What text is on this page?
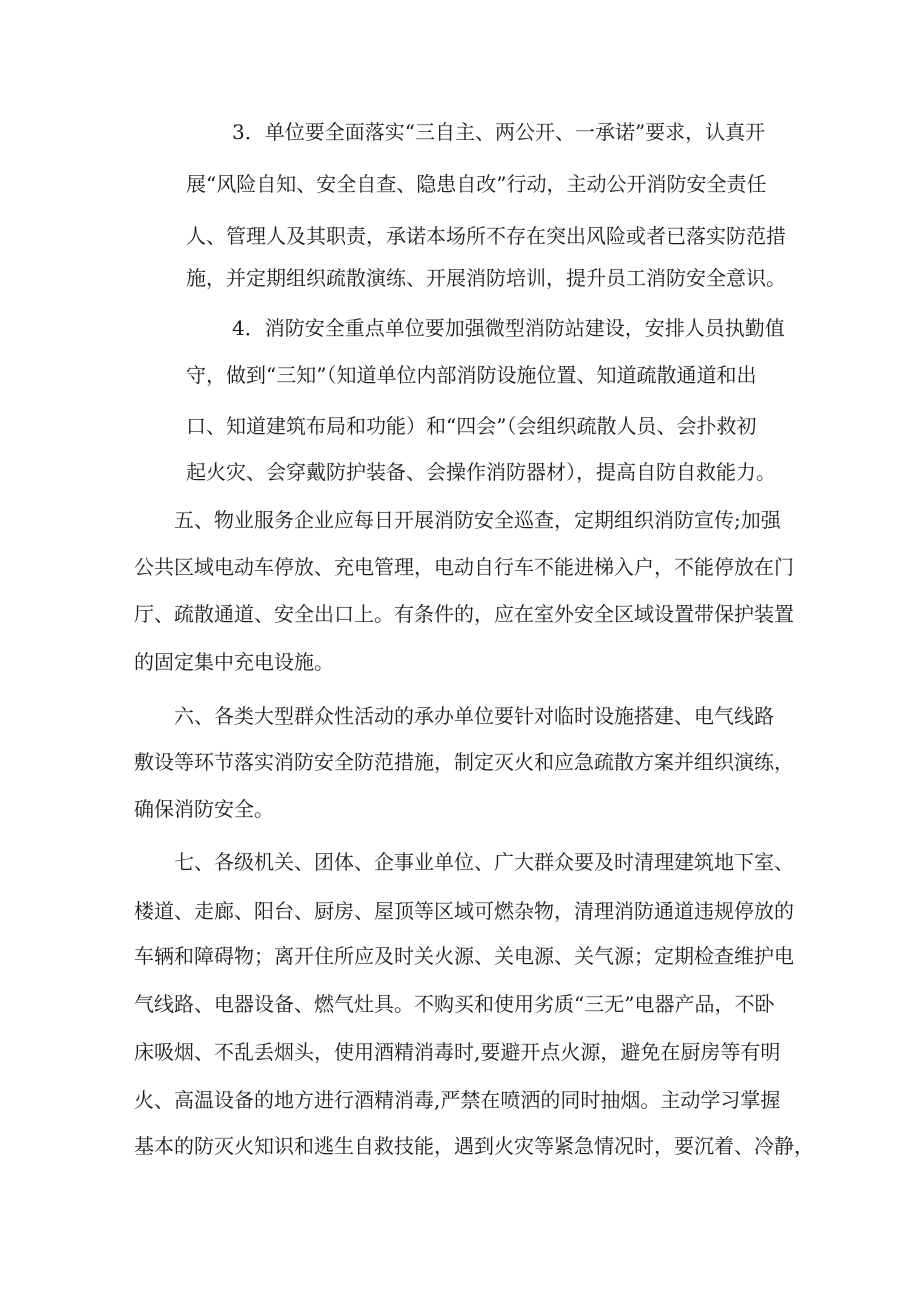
3．单位要全面落实“三自主、两公开、一承诺”要求，认真开
展“风险自知、安全自查、隐患自改”行动，主动公开消防安全责任
人、管理人及其职责，承诺本场所不存在突出风险或者已落实防范措
施，并定期组织疏散演练、开展消防培训，提升员工消防安全意识。
4．消防安全重点单位要加强微型消防站建设，安排人员执勤值
守，做到“三知”（知道单位内部消防设施位置、知道疏散通道和出
口、知道建筑布局和功能）和“四会”（会组织疏散人员、会扑救初
起火灾、会穿戴防护装备、会操作消防器材），提高自防自救能力。
五、物业服务企业应每日开展消防安全巡查，定期组织消防宣传;加强
公共区域电动车停放、充电管理，电动自行车不能进梯入户，不能停放在门
厅、疏散通道、安全出口上。有条件的，应在室外安全区域设置带保护装置
的固定集中充电设施。
六、各类大型群众性活动的承办单位要针对临时设施搭建、电气线路
敷设等环节落实消防安全防范措施，制定灭火和应急疏散方案并组织演练，
确保消防安全。
七、各级机关、团体、企事业单位、广大群众要及时清理建筑地下室、
楼道、走廊、阳台、厨房、屋顶等区域可燃杂物，清理消防通道违规停放的
车辆和障碍物；离开住所应及时关火源、关电源、关气源；定期检查维护电
气线路、电器设备、燃气灶具。不购买和使用劣质“三无”电器产品，不卧
床吸烟、不乱丢烟头，使用酒精消毒时,要避开点火源，避免在厨房等有明
火、高温设备的地方进行酒精消毒,严禁在喷洒的同时抽烟。主动学习掌握
基本的防灭火知识和逃生自救技能，遇到火灾等紧急情况时，要沉着、冷静，
